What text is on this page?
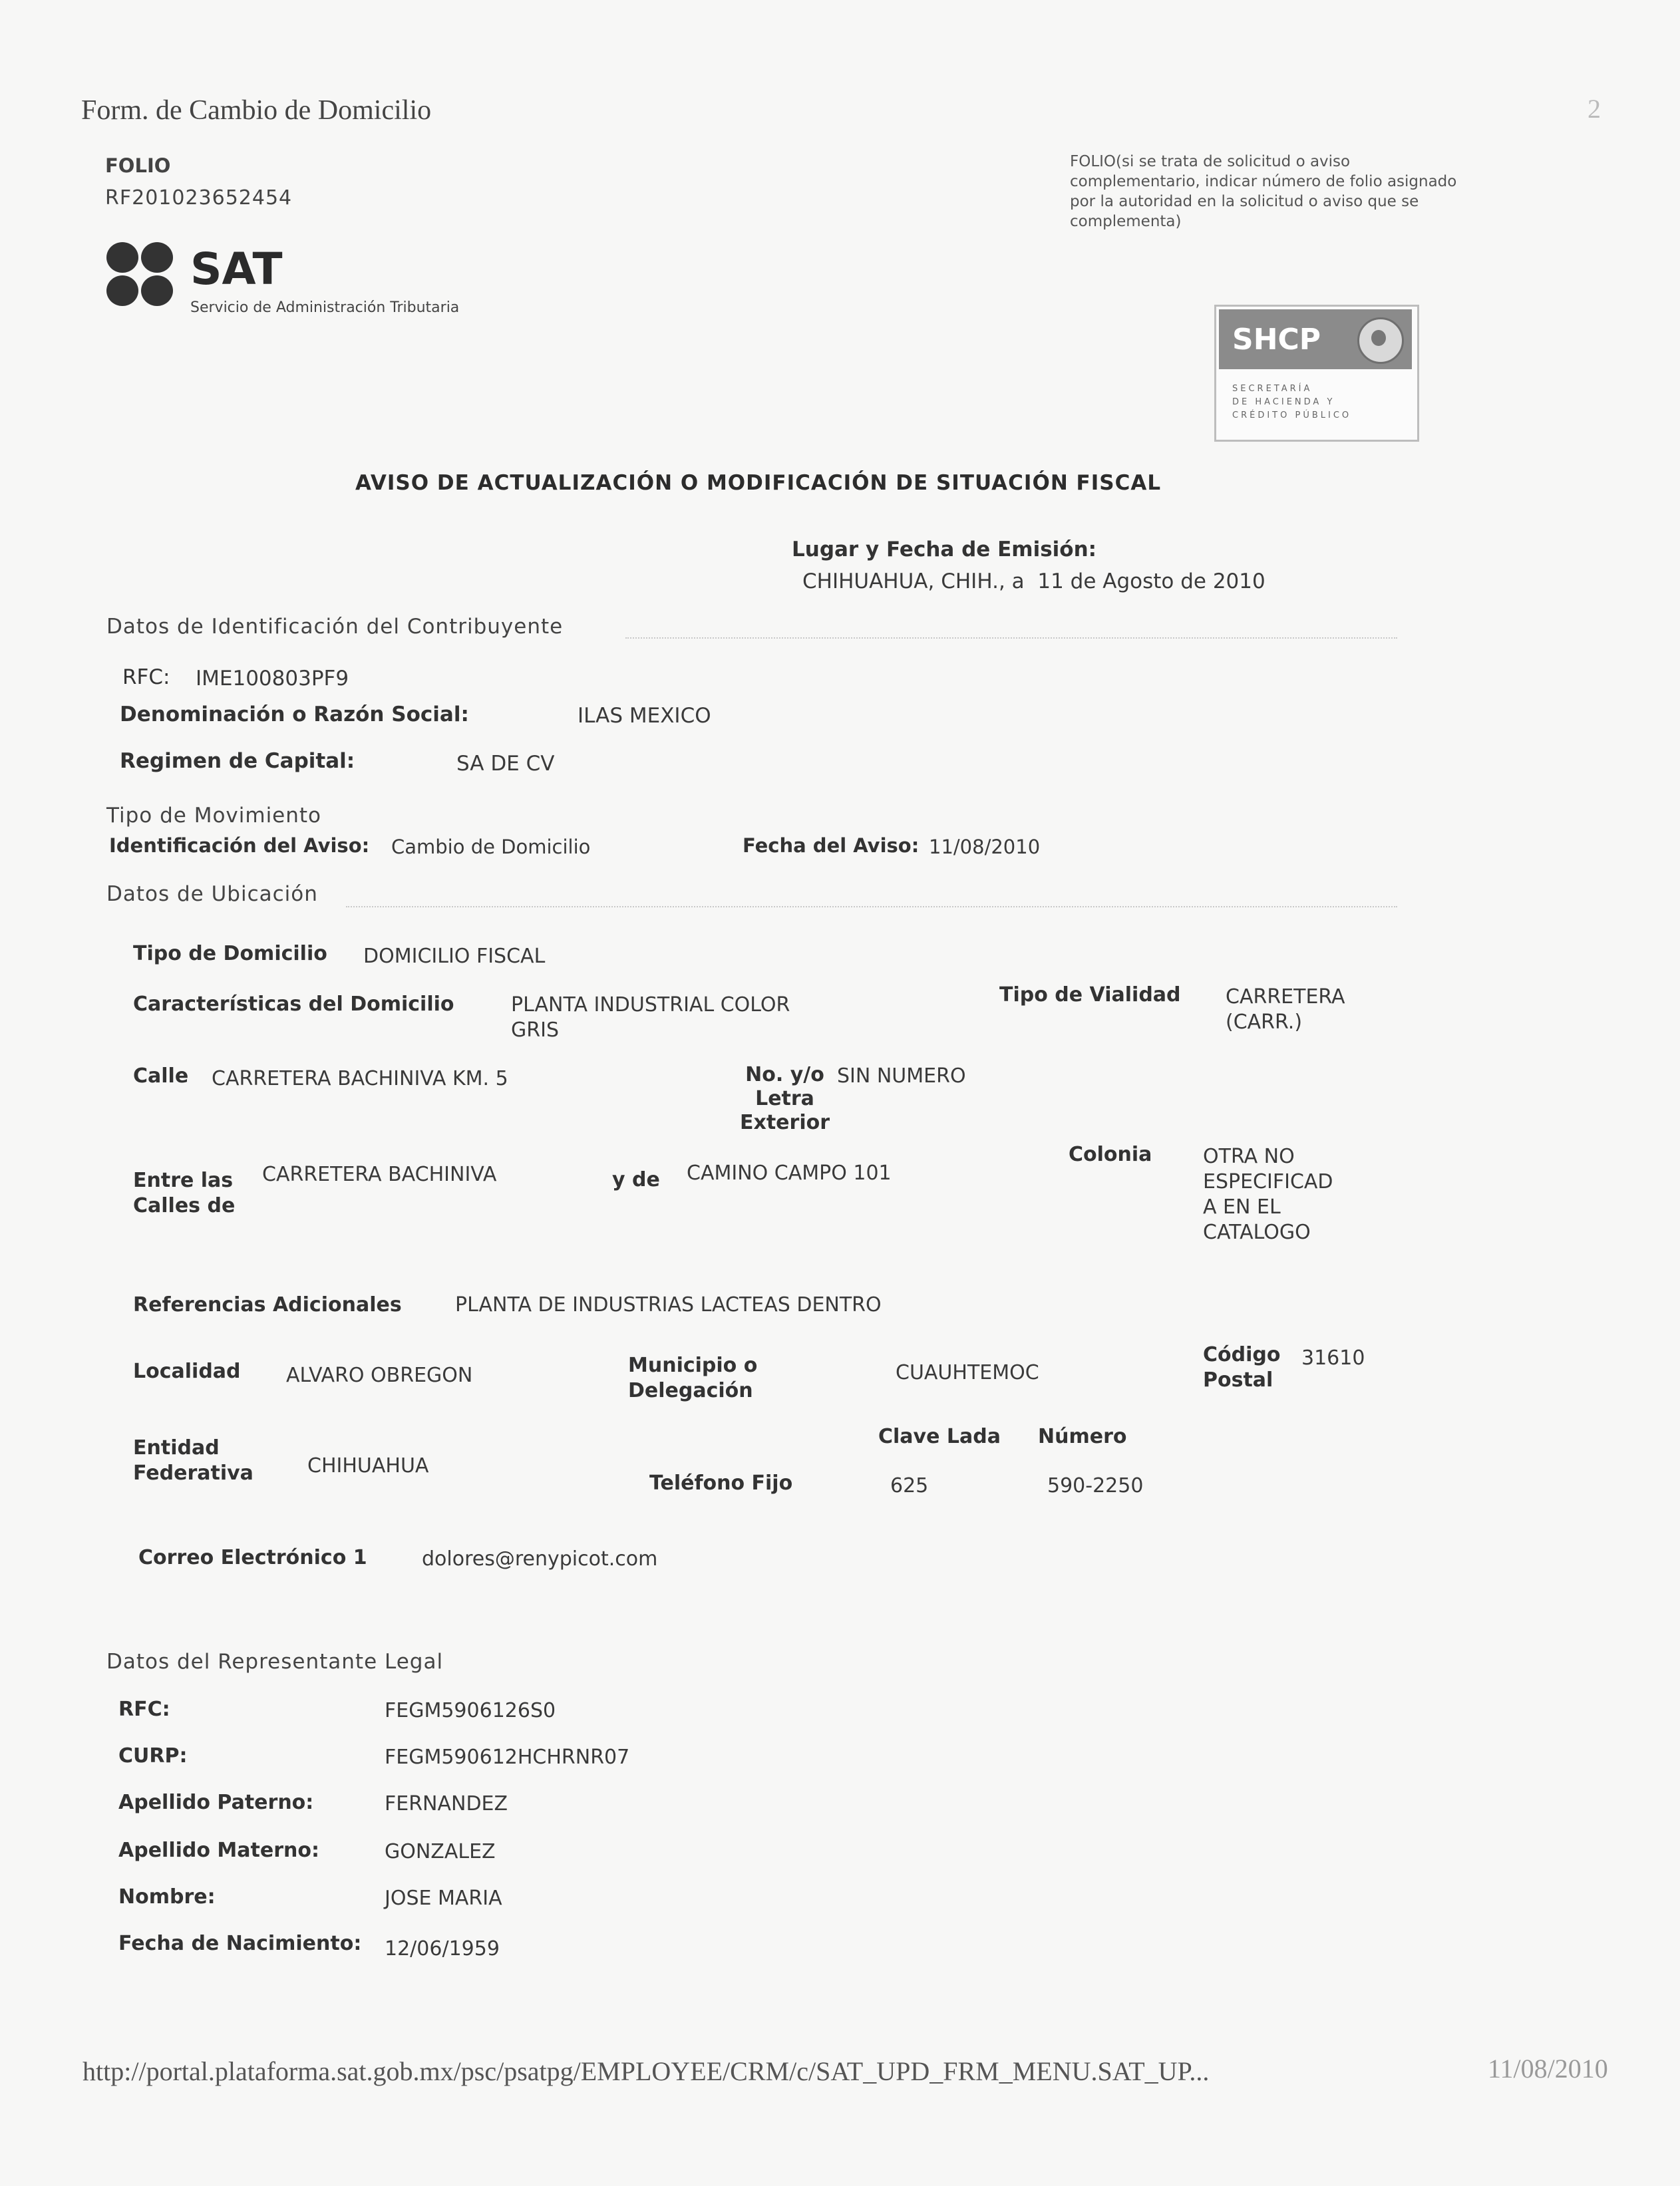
Form. de Cambio de Domicilio	2
FOLIO
RF201023652454
FOLIO(si se trata de solicitud o aviso complementario, indicar número de folio asignado por la autoridad en la solicitud o aviso que se complementa)
SAT
Servicio de Administración Tributaria
SHCP
SECRETARÍA
DE HACIENDA Y
CRÉDITO PÚBLICO
AVISO DE ACTUALIZACIÓN O MODIFICACIÓN DE SITUACIÓN FISCAL
Lugar y Fecha de Emisión:
CHIHUAHUA, CHIH., a  11 de Agosto de 2010
Datos de Identificación del Contribuyente
RFC: IME100803PF9
Denominación o Razón Social:	ILAS MEXICO
Regimen de Capital:	SA DE CV
Tipo de Movimiento
Identificación del Aviso: Cambio de Domicilio	Fecha del Aviso: 11/08/2010
Datos de Ubicación
Tipo de Domicilio DOMICILIO FISCAL
Características del Domicilio	PLANTA INDUSTRIAL COLOR
GRIS
Tipo de Vialidad CARRETERA
(CARR.)
Calle CARRETERA BACHINIVA KM. 5	No. y/o
Letra
Exterior
SIN NUMERO
Entre las
Calles de
CARRETERA BACHINIVA	y de CAMINO CAMPO 101
Colonia	OTRA NO
ESPECIFICAD
A EN EL
CATALOGO
Referencias Adicionales	PLANTA DE INDUSTRIAS LACTEAS DENTRO
Localidad ALVARO OBREGON	Municipio o
Delegación
CUAUHTEMOC
Código
Postal
31610
Entidad
Federativa	CHIHUAHUA
Clave Lada Número
Teléfono Fijo	625	590-2250
Correo Electrónico 1	dolores@renypicot.com
Datos del Representante Legal
RFC:	FEGM5906126S0
CURP:	FEGM590612HCHRNR07
Apellido Paterno:	FERNANDEZ
Apellido Materno:	GONZALEZ
Nombre:	JOSE MARIA
Fecha de Nacimiento: 12/06/1959
http://portal.plataforma.sat.gob.mx/psc/psatpg/EMPLOYEE/CRM/c/SAT_UPD_FRM_MENU.SAT_UP...	11/08/2010
